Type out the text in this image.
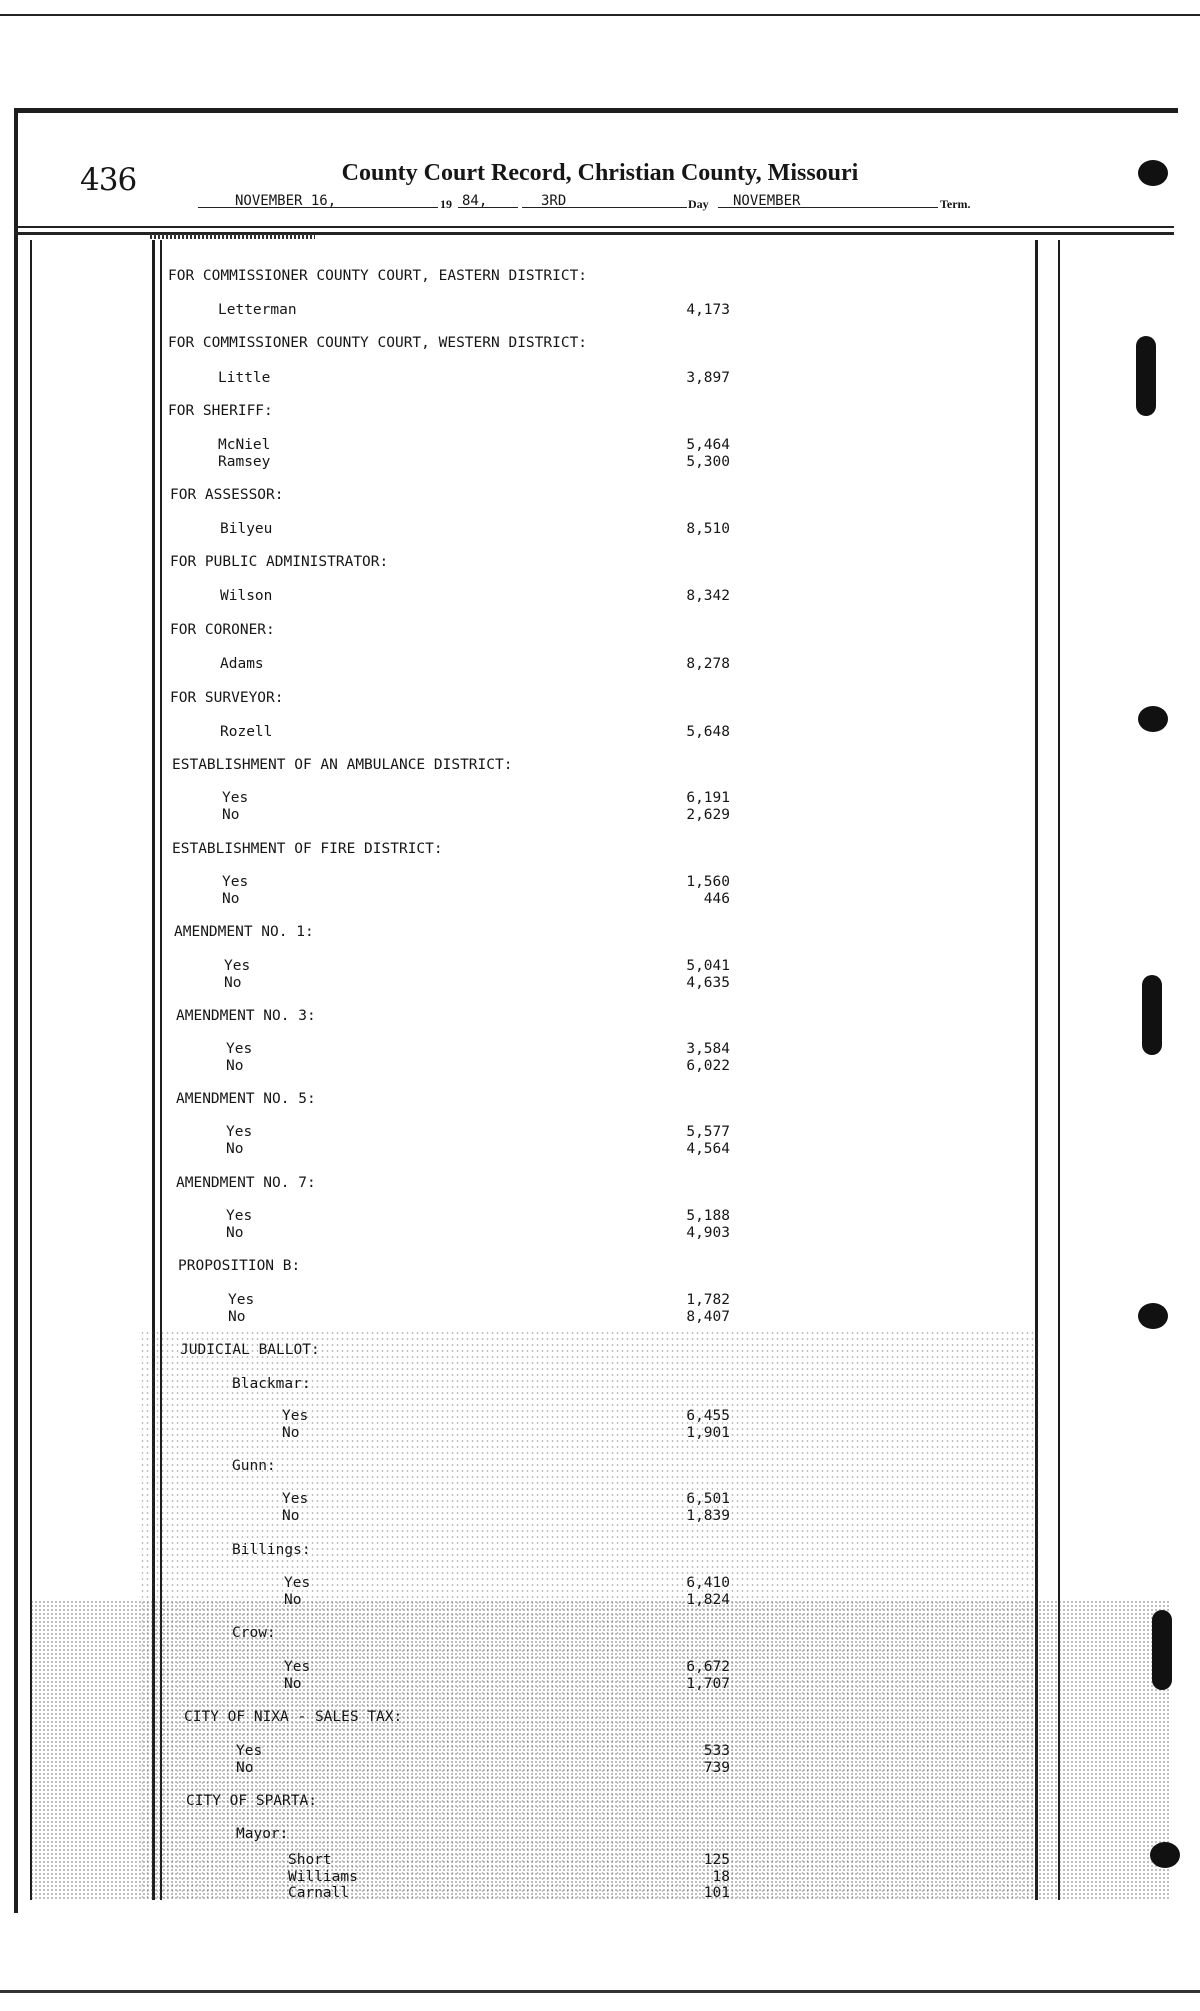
436	County Court Record, Christian County, Missouri
NOVEMBER 16,	19 84,	3RD	Day NOVEMBER	Term.
FOR COMMISSIONER COUNTY COURT, EASTERN DISTRICT:
Letterman	4,173
FOR COMMISSIONER COUNTY COURT, WESTERN DISTRICT:
Little	3,897
FOR SHERIFF:
McNiel	5,464
Ramsey	5,300
FOR ASSESSOR:
Bilyeu	8,510
FOR PUBLIC ADMINISTRATOR:
Wilson	8,342
FOR CORONER:
Adams	8,278
FOR SURVEYOR:
Rozell	5,648
ESTABLISHMENT OF AN AMBULANCE DISTRICT:
Yes	6,191
No	2,629
ESTABLISHMENT OF FIRE DISTRICT:
Yes	1,560
No	446
AMENDMENT NO. 1:
Yes	5,041
No	4,635
AMENDMENT NO. 3:
Yes	3,584
No	6,022
AMENDMENT NO. 5:
Yes	5,577
No	4,564
AMENDMENT NO. 7:
Yes	5,188
No	4,903
PROPOSITION B:
Yes	1,782
No	8,407
JUDICIAL BALLOT:
Blackmar:
Yes	6,455
No	1,901
Gunn:
Yes	6,501
No	1,839
Billings:
Yes	6,410
No	1,824
Crow:
Yes	6,672
No	1,707
CITY OF NIXA - SALES TAX:
Yes	533
No	739
CITY OF SPARTA:
Mayor:
Short	125
Williams	18
Carnall	101
